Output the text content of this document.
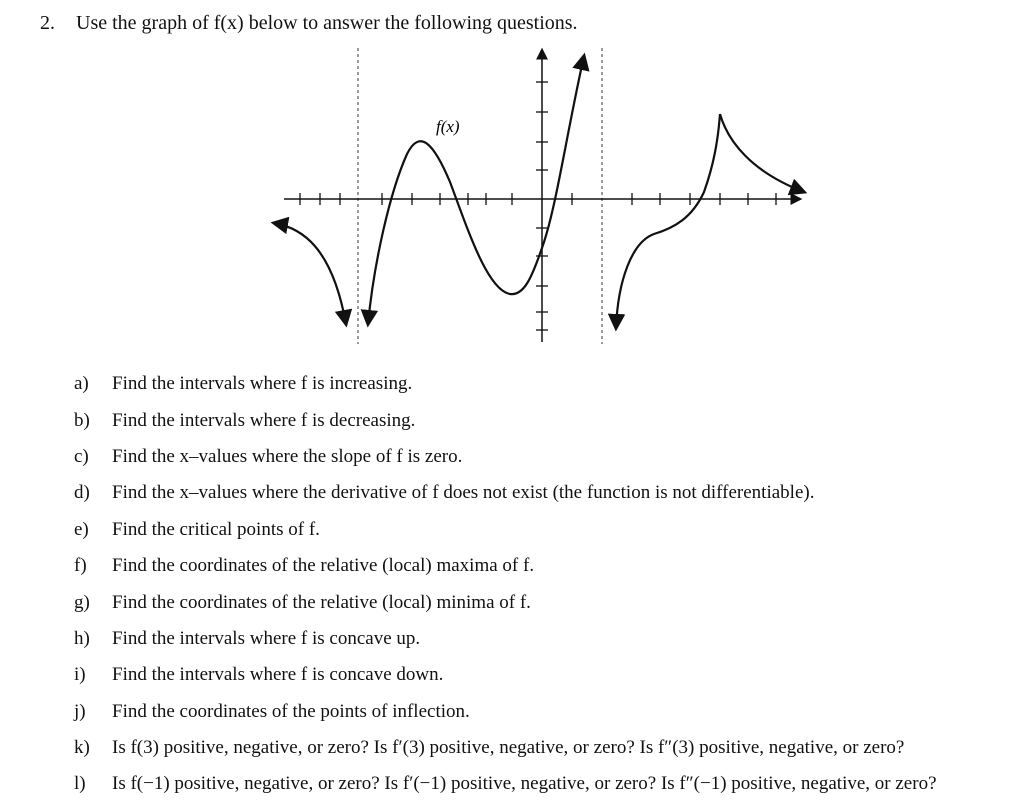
2. Use the graph of f(x) below to answer the following questions.
f(x)
a)	Find the intervals where f is increasing.
b)	Find the intervals where f is decreasing.
c)	Find the x–values where the slope of f is zero.
d)	Find the x–values where the derivative of f does not exist (the function is not differentiable).
e)	Find the critical points of f.
f)	Find the coordinates of the relative (local) maxima of f.
g)	Find the coordinates of the relative (local) minima of f.
h)	Find the intervals where f is concave up.
i)	Find the intervals where f is concave down.
j)	Find the coordinates of the points of inflection.
k)	Is f(3) positive, negative, or zero? Is f′(3) positive, negative, or zero? Is f″(3) positive, negative, or zero?
l)	Is f(−1) positive, negative, or zero? Is f′(−1) positive, negative, or zero? Is f″(−1) positive, negative, or zero?
